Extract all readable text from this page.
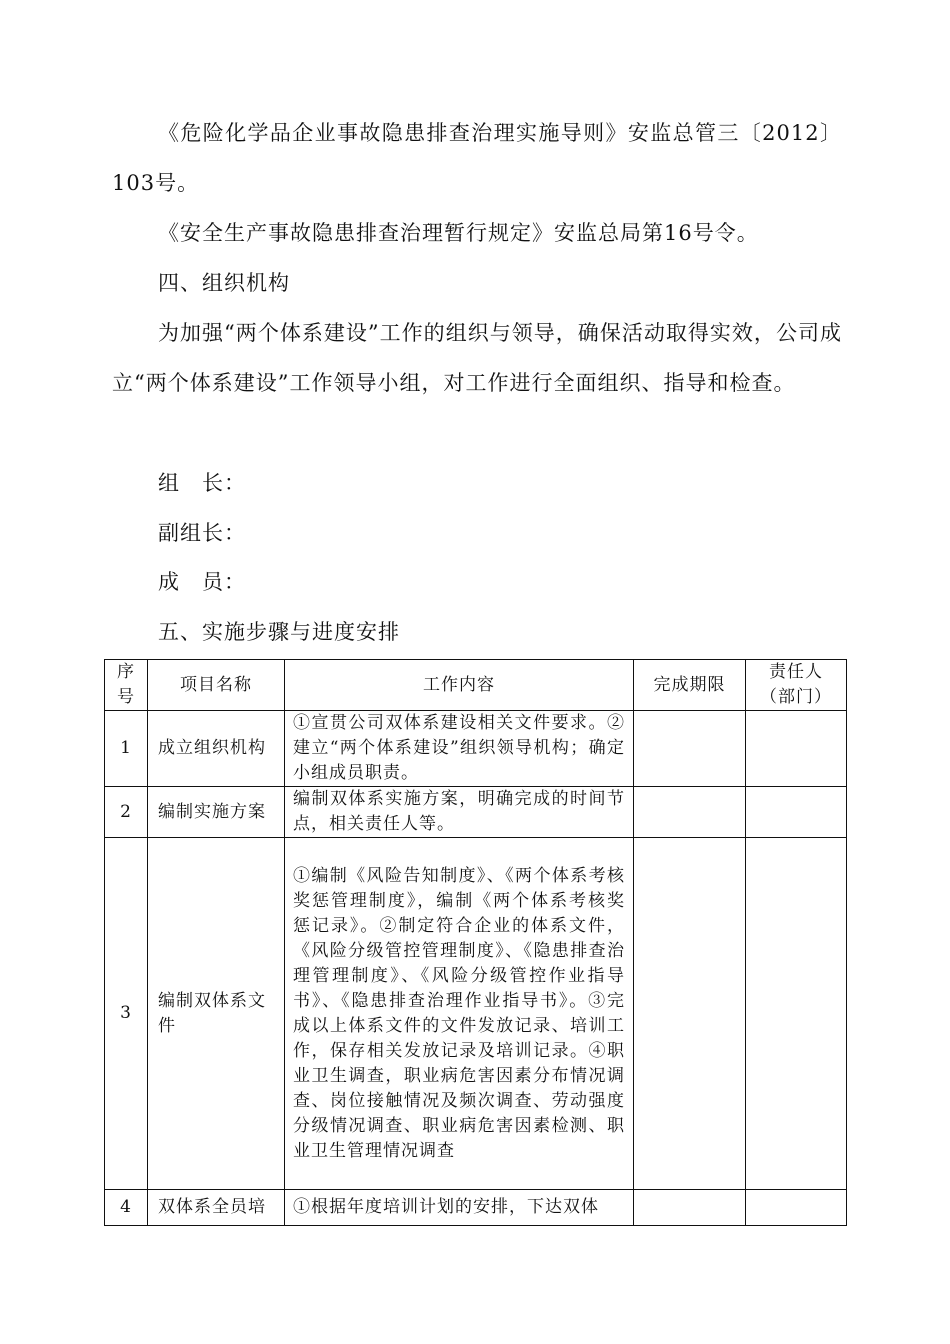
《危险化学品企业事故隐患排查治理实施导则》安监总管三〔2012〕103号。

《安全生产事故隐患排查治理暂行规定》安监总局第16号令。

四、组织机构

为加强“两个体系建设”工作的组织与领导，确保活动取得实效，公司成立“两个体系建设”工作领导小组，对工作进行全面组织、指导和检查。

组　长：
副组长：
成　员：

五、实施步骤与进度安排

序号	项目名称	工作内容	完成期限	责任人（部门）
1	成立组织机构	①宣贯公司双体系建设相关文件要求。②建立“两个体系建设”组织领导机构；确定小组成员职责。		
2	编制实施方案	编制双体系实施方案，明确完成的时间节点，相关责任人等。		
3	编制双体系文件	①编制《风险告知制度》、《两个体系考核奖惩管理制度》，编制《两个体系考核奖惩记录》。②制定符合企业的体系文件，《风险分级管控管理制度》、《隐患排查治理管理制度》、《风险分级管控作业指导书》、《隐患排查治理作业指导书》。③完成以上体系文件的文件发放记录、培训工作，保存相关发放记录及培训记录。④职业卫生调查，职业病危害因素分布情况调查、岗位接触情况及频次调查、劳动强度分级情况调查、职业病危害因素检测、职业卫生管理情况调查		
4	双体系全员培	①根据年度培训计划的安排，下达双体		
